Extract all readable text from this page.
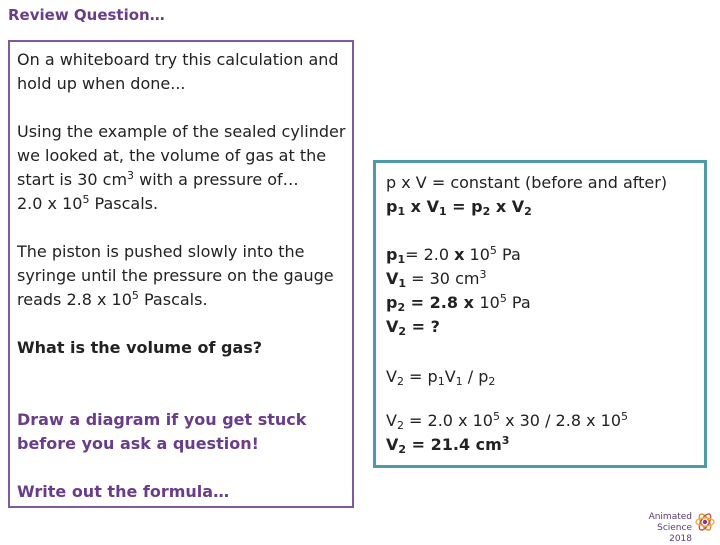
Review Question…

On a whiteboard try this calculation and hold up when done...

Using the example of the sealed cylinder we looked at, the volume of gas at the start is 30 $cm^3$ with a pressure of…
2.0 x $10^5$ Pascals.

The piston is pushed slowly into the syringe until the pressure on the gauge reads 2.8 x $10^5$ Pascals.

What is the volume of gas?

Draw a diagram if you get stuck before you ask a question!

Write out the formula…

p x V = constant (before and after)
$p_1$ x $V_1 = p_2$ x $V_2$
$p_1= 2.0$ x $10^5$ Pa
$V_1 = 30$ $cm^3$
$p_2 = 2.8$ x $10^5$ Pa
$V_2$ = ?
$V_2 = p_1V_1 / p_2$
$V_2 = 2.0$ x $10^5$ x 30 / 2.8 x $10^5$
$V_2 = 21.4$ $cm^3$
Animated Science
2018
